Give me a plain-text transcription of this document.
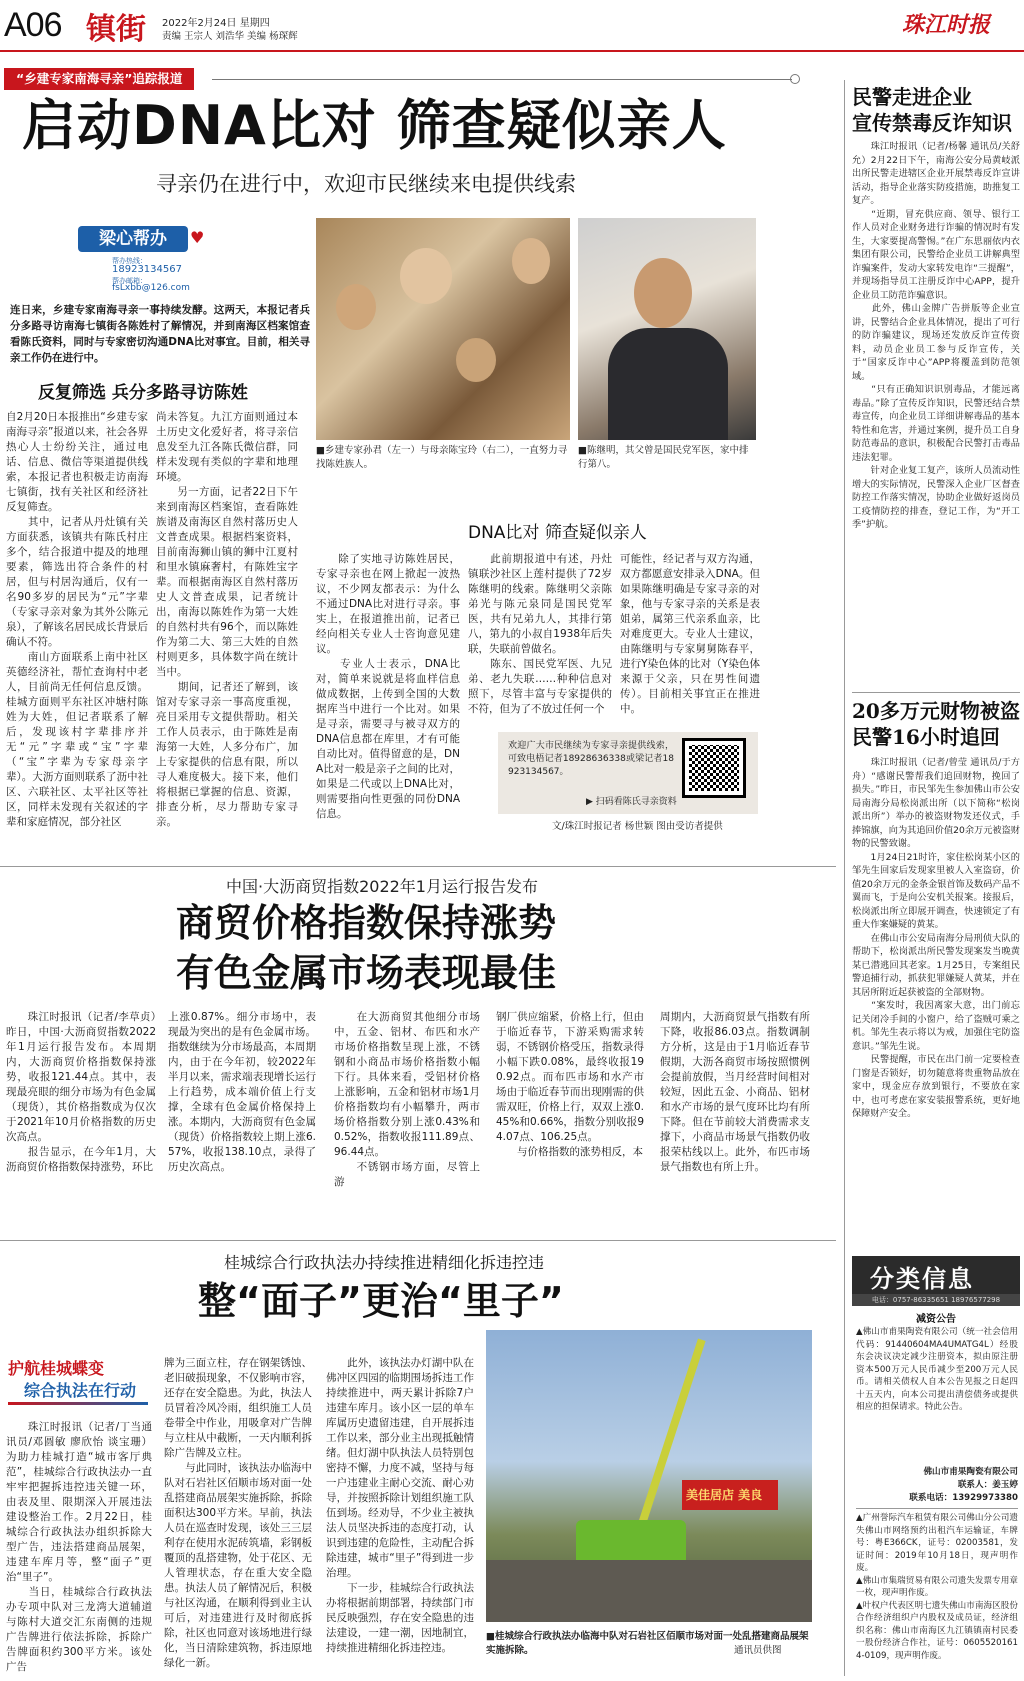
A06 镇街 2022年2月24日 星期四
责编 王宗人 刘浩华 美编 杨琛辉	珠江时报
“乡建专家南海寻亲”追踪报道
启动DNA比对 筛查疑似亲人
寻亲仍在进行中，欢迎市民继续来电提供线索
梁心帮办	♥
帮办热线：
18923134567
帮办邮箱：
fsLxbb@126.com
连日来，乡建专家南海寻亲一事持续发酵。这两天，本报记者兵分多路寻访南海七镇街各陈姓村了解情况，并到南海区档案馆查看陈氏资料，同时与专家密切沟通DNA比对事宜。目前，相关寻亲工作仍在进行中。
反复筛选 兵分多路寻访陈姓
自2月20日本报推出“乡建专家南海寻亲”报道以来，社会各界热心人士纷纷关注，通过电话、信息、微信等渠道提供线索，本报记者也积极走访南海七镇街，找有关社区和经济社反复筛查。
　　其中，记者从丹灶镇有关方面获悉，该镇共有陈氏村庄多个，结合报道中提及的地理要素，筛选出符合条件的村居，但与村居沟通后，仅有一名90多岁的居民为“元”字辈（专家寻亲对象为其外公陈元泉），了解该名居民成长背景后确认不符。
　　南山方面联系上南中社区英德经济社，帮忙查询村中老人，目前尚无任何信息反馈。桂城方面则平东社区冲塘村陈姓为大姓，但记者联系了解后，发现该村字辈排序并无“元”字辈或“宝”字辈（“宝”字辈为专家母亲字辈）。大沥方面则联系了沥中社区、六联社区、太平社区等社区，同样未发现有关叙述的字辈和家庭情况，部分社区
尚未答复。九江方面则通过本土历史文化爱好者，将寻亲信息发至九江各陈氏微信群，同样未发现有类似的字辈和地理环境。
　　另一方面，记者22日下午来到南海区档案馆，查看陈姓族谱及南海区自然村落历史人文普查成果。根据档案资料，目前南海狮山镇的狮中江夏村和里水镇麻奢村，有陈姓宝字辈。而根据南海区自然村落历史人文普查成果，记者统计出，南海以陈姓作为第一大姓的自然村共有96个，而以陈姓作为第二大、第三大姓的自然村则更多，具体数字尚在统计当中。
　　期间，记者还了解到，该馆对专家寻亲一事高度重视，亮目采用专文提供帮助。相关工作人员表示，由于陈姓是南海第一大姓，人多分布广，加上专家提供的信息有限，所以寻人难度极大。接下来，他们将根据已掌握的信息、资源，排查分析，尽力帮助专家寻亲。
■乡建专家孙君（左一）与母亲陈宝玲（右二），一直努力寻找陈姓族人。
■陈继明，其父曾是国民党军医，家中排行第八。
DNA比对 筛查疑似亲人
　　除了实地寻访陈姓居民，专家寻亲也在网上掀起一波热议，不少网友都表示：为什么不通过DNA比对进行寻亲。事实上，在报道推出前，记者已经向相关专业人士咨询意见建议。
　　专业人士表示，DNA比对，简单来说就是将血样信息做成数据，上传到全国的大数据库当中进行一个比对。如果是寻亲，需要寻与被寻双方的DNA信息都在库里，才有可能自动比对。值得留意的是，DNA比对一般是亲子之间的比对，如果是二代或以上DNA比对，则需要指向性更强的同份DNA信息。
　　此前期报道中有述，丹灶镇联沙社区上莲村提供了72岁陈继明的线索。陈继明父亲陈弟光与陈元泉同是国民党军医，共有兄弟九人，其排行第八，第九的小叔自1938年后失联，失联前曾做名。
　　陈东、国民党军医、九兄弟、老九失联……种种信息对照下，尽管丰富与专家提供的不符，但为了不放过任何一个
可能性，经记者与双方沟通，双方都愿意安排录入DNA。但如果陈继明确是专家寻亲的对象，他与专家寻亲的关系是表姐弟，属第三代亲系血亲，比对难度更大。专业人士建议，由陈继明与专家舅舅陈春平，进行Y染色体的比对（Y染色体来源于父亲，只在男性间遗传）。目前相关事宜正在推进中。
欢迎广大市民继续为专家寻亲提供线索，可致电梧记者18928636338或梁记者18923134567。
▶ 扫码看陈氏寻亲资料
文/珠江时报记者 杨世颖 图由受访者提供
民警走进企业
宣传禁毒反诈知识
　　珠江时报讯（记者/杨馨 通讯员/关舒允）2月22日下午，南海公安分局黄岐派出所民警走进辖区企业开展禁毒反诈宣讲活动，指导企业落实防疫措施，助推复工复产。
　　“近期，冒充供应商、领导、银行工作人员对企业财务进行诈骗的情况时有发生，大家要提高警惕。”在广东思丽依内衣集团有限公司，民警给企业员工讲解典型诈骗案件，发动大家转发电诈“三提醒”，并现场指导员工注册反诈中心APP，提升企业员工防范诈骗意识。
　　此外，佛山金牌广告拼版等企业宣讲，民警结合企业具体情况，提出了可行的防诈骗建议，现场还发放反诈宣传资料，动员企业员工参与反诈宣传，关于“国家反诈中心”APP将覆盖到防范领域。
　　“只有正确知识识别毒品，才能远离毒品。”除了宣传反诈知识，民警还结合禁毒宣传，向企业员工详细讲解毒品的基本特性和危害，并通过案例，提升员工自身防范毒品的意识，积极配合民警打击毒品违法犯罪。
　　针对企业复工复产，该所人员流动性增大的实际情况，民警深入企业厂区督查防控工作落实情况，协助企业做好返岗员工疫情防控的排查，登记工作，为“开工季”护航。
20多万元财物被盗
民警16小时追回
　　珠江时报讯（记者/曾莹 通讯员/于方舟）“感谢民警帮我们追回财物，挽回了损失。”昨日，市民邹先生参加佛山市公安局南海分局松岗派出所（以下简称“松岗派出所”）举办的被盗财物发还仪式，手捧锦旗，向为其追回价值20余万元被盗财物的民警致谢。
　　1月24日21时许，家住松岗某小区的邹先生回家后发现家里被人入室盗窃，价值20余万元的金条金银首饰及数码产品不翼而飞，于是向公安机关报案。接报后，松岗派出所立即展开调查，快速锁定了有重大作案嫌疑的黄某。
　　在佛山市公安局南海分局刑侦大队的帮助下，松岗派出所民警发现案发当晚黄某已潜逃回其老家。1月25日，专案组民警追捕行动，抓获犯罪嫌疑人黄某，并在其居所附近起获被盗的全部财物。
　　“案发时，我因离家大意，出门前忘记关闭冷手间的小窗户，给了盗贼可乘之机。邹先生表示将以为戒，加强住宅防盗意识。”邹先生说。
　　民警提醒，市民在出门前一定要检查门窗是否锁好，切勿随意将贵重物品放在家中，现金应存放到银行，不要放在家中，也可考虑在家安装报警系统，更好地保障财产安全。
分类信息
电话：0757-86335651 18976577298
减资公告
▲佛山市甫果陶瓷有限公司（统一社会信用代码：91440604MA4UMATG4L）经股东会决议决定减少注册资本，拟由原注册资本500万元人民币减少至200万元人民币。请相关债权人自本公告见报之日起四十五天内，向本公司提出清偿债务或提供相应的担保请求。特此公告。
佛山市甫果陶瓷有限公司
联系人：姜玉婷
联系电话：13929973380
▲广州誉际汽车租赁有限公司佛山分公司遗失佛山市网络预约出租汽车运输证，车牌号：粤E366CK，证号：02003581，发证时间：2019年10月18日，现声明作废。
▲佛山市集瑞贸易有限公司遗失发票专用章一枚，现声明作废。
▲叶权户代表区明七遗失佛山市南海区股份合作经济组织户内股权及成员证，经济组织名称：佛山市南海区九江镇镇南村民委一股份经济合作社，证号：06055201614-0109，现声明作废。
中国·大沥商贸指数2022年1月运行报告发布
商贸价格指数保持涨势
有色金属市场表现最佳
　　珠江时报讯（记者/李草贞）昨日，中国·大沥商贸指数2022年1月运行报告发布。本周期内，大沥商贸价格指数保持涨势，收报121.44点。其中，表现最亮眼的细分市场为有色金属（现货），其价格指数成为仅次于2021年10月价格指数的历史次高点。
　　报告显示，在今年1月，大沥商贸价格指数保持涨势，环比
上涨0.87%。细分市场中，表现最为突出的是有色金属市场。指数继续为分市场最高，本周期内，由于在今年初，较2022年半月以来，需求端表现增长运行上行趋势，成本端价值上行支撑，全球有色金属价格保持上涨。本期内，大沥商贸有色金属（现货）价格指数较上期上涨6.57%，收报138.10点，录得了历史次高点。
　　在大沥商贸其他细分市场中，五金、铝材、布匹和水产市场价格指数呈现上涨，不锈钢和小商品市场价格指数小幅下行。具体来看，受铝材价格上涨影响，五金和铝材市场1月价格指数均有小幅攀升，两市场价格指数分别上涨0.43%和0.52%，指数收报111.89点、96.44点。
　　不锈钢市场方面，尽管上游
钢厂供应缩紧，价格上行，但由于临近春节，下游采购需求转弱，不锈钢价格受压，指数录得小幅下跌0.08%，最终收报190.92点。而布匹市场和水产市场由于临近春节而出现刚需的供需双旺，价格上行，双双上涨0.45%和0.66%，指数分别收报94.07点、106.25点。
　　与价格指数的涨势相反，本
周期内，大沥商贸景气指数有所下降，收报86.03点。指数调制方分析，这是由于1月临近春节假期，大沥各商贸市场按照惯例会提前放假，当月经营时间相对较短，因此五金、小商品、铝材和水产市场的景气度环比均有所下降。但在节前较大消费需求支撑下，小商品市场景气指数仍收报荣枯线以上。此外，布匹市场景气指数也有所上升。
桂城综合行政执法办持续推进精细化拆违控违
整“面子”更治“里子”
护航桂城蝶变
综合执法在行动
　　珠江时报讯（记者/丁当通讯员/邓圆敏 廖欣怡 谈宝珊）为助力桂城打造“城市客厅典范”，桂城综合行政执法办一直牢牢把握拆违控违关键一环，由表及里、限期深入开展违法建设整治工作。2月22日，桂城综合行政执法办组织拆除大型广告，违法搭建商品展架，违建车库月等，整“面子”更治“里子”。
　　当日，桂城综合行政执法办专项中队对三龙湾大道辅道与陈村大道交汇东南侧的违规广告牌进行依法拆除，拆除广告牌面积约300平方米。该处广告
牌为三面立柱，存在钢架锈蚀、老旧破损现象，不仅影响市容，还存在安全隐患。为此，执法人员冒着冷风冷雨，组织施工人员卷带全中作业，用吸拿对广告牌与立柱从中截断，一天内顺利拆除广告牌及立柱。
　　与此同时，该执法办临海中队对石岩社区佰顺市场对面一处乱搭建商品展架实施拆除，拆除面积达300平方米。早前，执法人员在巡查时发现，该处三三层利存在使用水泥砖筑墙，彩钢板覆顶的乱搭建物，处于花区、无人管理状态，存在重大安全隐患。执法人员了解情况后，积极与社区沟通，在顺利得到业主认可后，对违建进行及时彻底拆除，社区也同意对该场地进行绿化，当日清除建筑物，拆违原地绿化一新。
　　此外，该执法办灯湖中队在佛冲区四园的临期围场拆违工作持续推进中，两天累计拆除7户违建车库月。该小区一层的单车库属历史遗留违建，自开展拆违工作以来，部分业主出现抵触情绪。但灯湖中队执法人员特别包密持不懈，力度不减，坚持与每一户违建业主耐心交流、耐心劝导，并按照拆除计划组织施工队伍到场。经劝导，不少业主被执法人员坚决拆违的态度打动，认识到违建的危险性，主动配合拆除违建，城市“里子”得到进一步治理。
　　下一步，桂城综合行政执法办将根据前期部署，持续部门市民反映强烈，存在安全隐患的违法建设，一建一潮，因地制宜，持续推进精细化拆违控违。
美佳居店 美良
■桂城综合行政执法办临海中队对石岩社区佰顺市场对面一处乱搭建商品展架实施拆除。	通讯员供图
